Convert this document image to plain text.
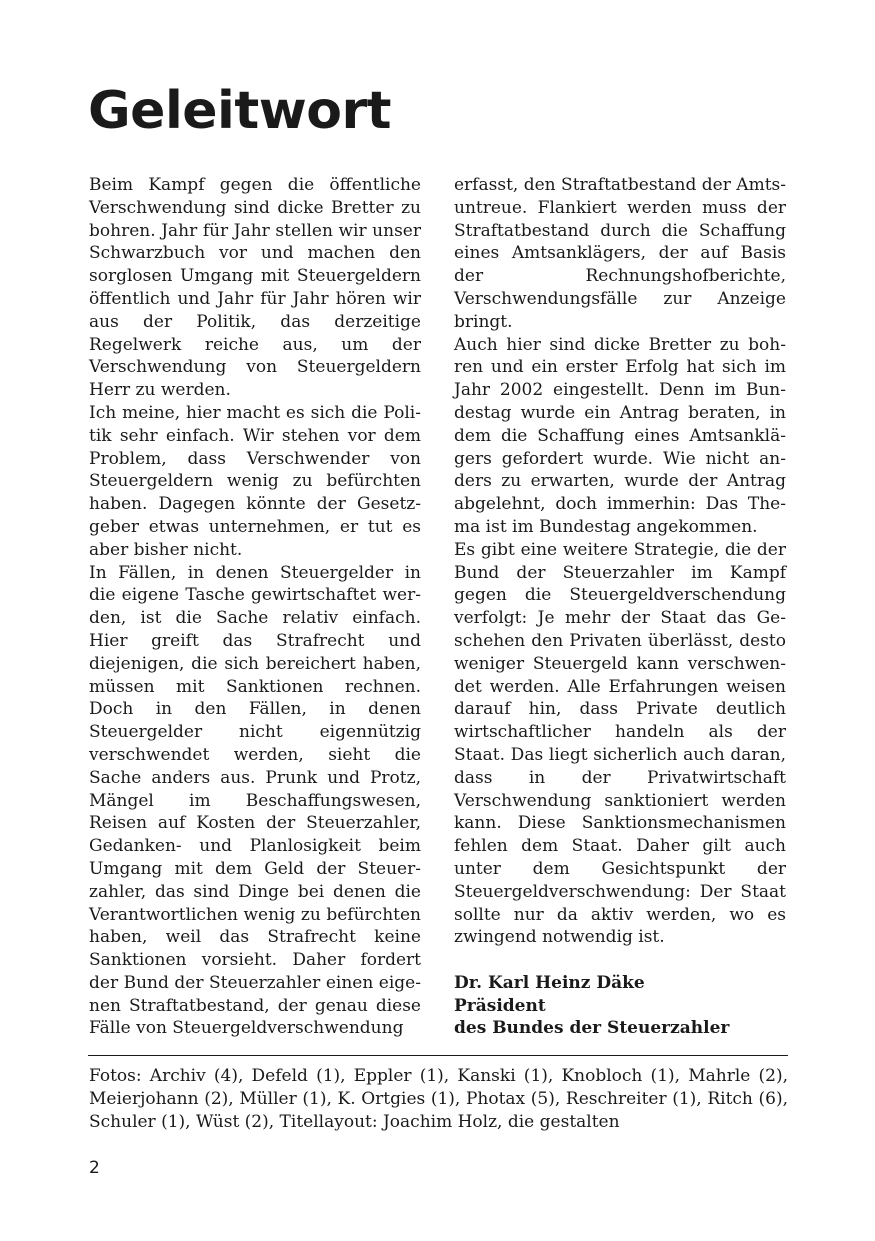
Geleitwort

Beim Kampf gegen die öffentliche Verschwendung sind dicke Bretter zu bohren. Jahr für Jahr stellen wir unser Schwarzbuch vor und machen den sorglosen Umgang mit Steuergeldern öffentlich und Jahr für Jahr hören wir aus der Politik, das derzeitige Regelwerk reiche aus, um der Verschwendung von Steuergeldern Herr zu werden.

Ich meine, hier macht es sich die Politik sehr einfach. Wir stehen vor dem Problem, dass Verschwender von Steuergeldern wenig zu befürchten haben. Dagegen könnte der Gesetzgeber etwas unternehmen, er tut es aber bisher nicht.

In Fällen, in denen Steuergelder in die eigene Tasche gewirtschaftet werden, ist die Sache relativ einfach. Hier greift das Strafrecht und diejenigen, die sich bereichert haben, müssen mit Sanktionen rechnen. Doch in den Fällen, in denen Steuergelder nicht eigennützig verschwendet werden, sieht die Sache anders aus. Prunk und Protz, Mängel im Beschaffungswesen, Reisen auf Kosten der Steuerzahler, Gedanken- und Planlosigkeit beim Umgang mit dem Geld der Steuerzahler, das sind Dinge bei denen die Verantwortlichen wenig zu befürchten haben, weil das Strafrecht keine Sanktionen vorsieht. Daher fordert der Bund der Steuerzahler einen eigenen Straftatbestand, der genau diese Fälle von Steuergeldverschwendung

erfasst, den Straftatbestand der Amtsuntreue. Flankiert werden muss der Straftatbestand durch die Schaffung eines Amtsanklägers, der auf Basis der Rechnungshofberichte, Verschwendungsfälle zur Anzeige bringt.

Auch hier sind dicke Bretter zu bohren und ein erster Erfolg hat sich im Jahr 2002 eingestellt. Denn im Bundestag wurde ein Antrag beraten, in dem die Schaffung eines Amtsanklägers gefordert wurde. Wie nicht anders zu erwarten, wurde der Antrag abgelehnt, doch immerhin: Das Thema ist im Bundestag angekommen.

Es gibt eine weitere Strategie, die der Bund der Steuerzahler im Kampf gegen die Steuergeldverschendung verfolgt: Je mehr der Staat das Geschehen den Privaten überlässt, desto weniger Steuergeld kann verschwendet werden. Alle Erfahrungen weisen darauf hin, dass Private deutlich wirtschaftlicher handeln als der Staat. Das liegt sicherlich auch daran, dass in der Privatwirtschaft Verschwendung sanktioniert werden kann. Diese Sanktionsmechanismen fehlen dem Staat. Daher gilt auch unter dem Gesichtspunkt der Steuergeldverschwendung: Der Staat sollte nur da aktiv werden, wo es zwingend notwendig ist.

Dr. Karl Heinz Däke
Präsident
des Bundes der Steuerzahler

Fotos: Archiv (4), Defeld (1), Eppler (1), Kanski (1), Knobloch (1), Mahrle (2), Meierjohann (2), Müller (1), K. Ortgies (1), Photax (5), Reschreiter (1), Ritch (6), Schuler (1), Wüst (2), Titellayout: Joachim Holz, die gestalten

2
